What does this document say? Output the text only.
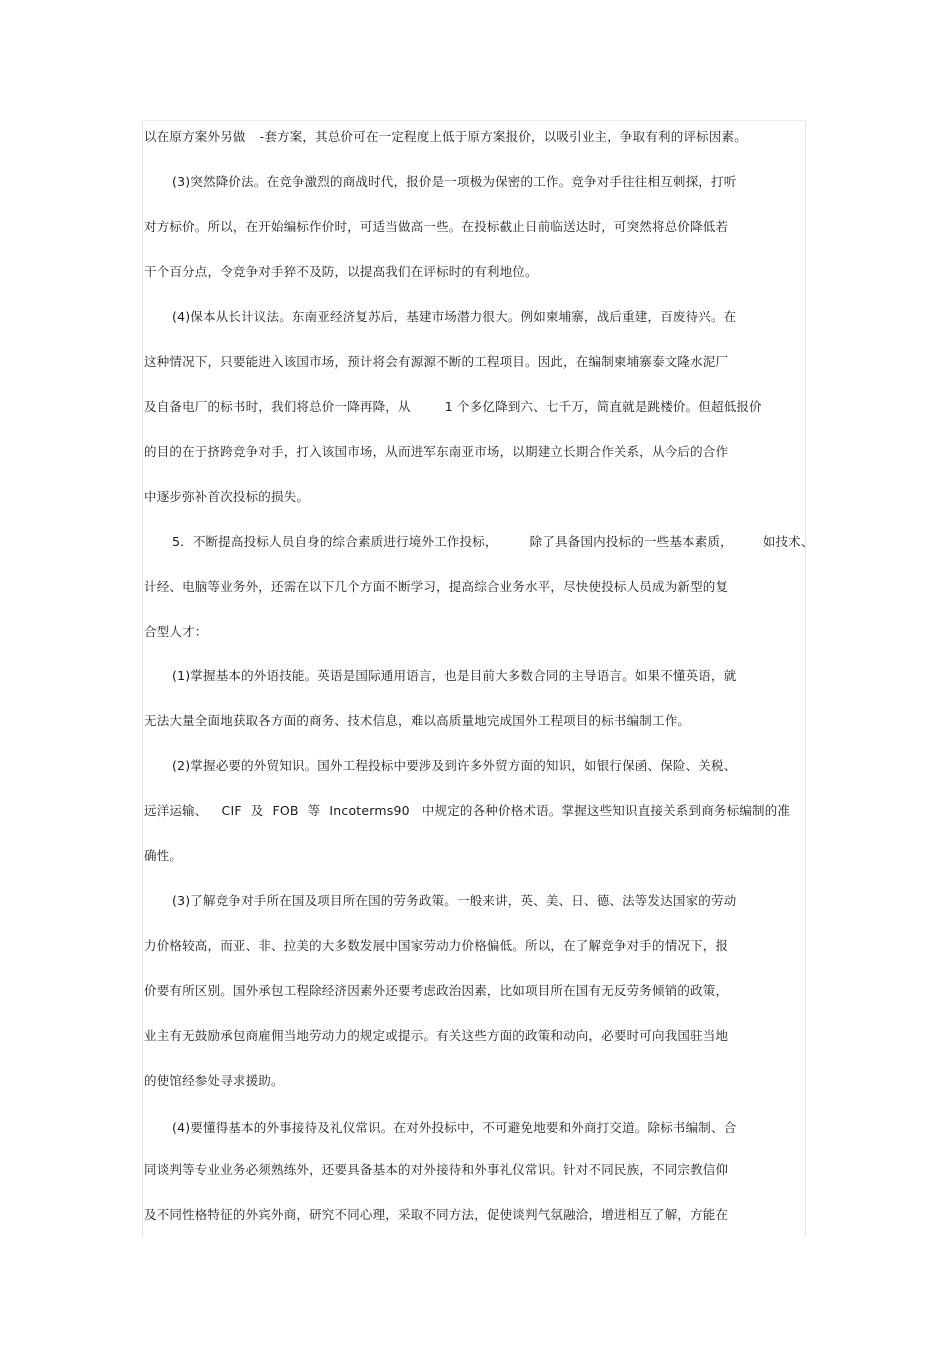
以在原方案外另做 -套方案，其总价可在一定程度上低于原方案报价，以吸引业主，争取有利的评标因素。
(3)突然降价法。在竞争激烈的商战时代，报价是一项极为保密的工作。竞争对手往往相互刺探，打听
对方标价。所以，在开始编标作价时，可适当做高一些。在投标截止日前临送达时，可突然将总价降低若
干个百分点，令竞争对手猝不及防，以提高我们在评标时的有利地位。
(4)保本从长计议法。东南亚经济复苏后，基建市场潜力很大。例如柬埔寨，战后重建，百废待兴。在
这种情况下，只要能进入该国市场，预计将会有源源不断的工程项目。因此，在编制柬埔寨泰文隆水泥厂
及自备电厂的标书时，我们将总价一降再降，从	1 个多亿降到六、七千万，简直就是跳楼价。但超低报价
的目的在于挤跨竞争对手，打入该国市场，从而进军东南亚市场，以期建立长期合作关系，从今后的合作
中逐步弥补首次投标的损失。
5．不断提高投标人员自身的综合素质进行境外工作投标，	除了具备国内投标的一些基本素质， 如技术、
计经、电脑等业务外，还需在以下几个方面不断学习，提高综合业务水平，尽快使投标人员成为新型的复
合型人才：
(1)掌握基本的外语技能。英语是国际通用语言，也是目前大多数合同的主导语言。如果不懂英语，就
无法大量全面地获取各方面的商务、技术信息，难以高质量地完成国外工程项目的标书编制工作。
(2)掌握必要的外贸知识。国外工程投标中要涉及到许多外贸方面的知识，如银行保函、保险、关税、
远洋运输、 CIF 及 FOB 等 Incoterms90 中规定的各种价格术语。掌握这些知识直接关系到商务标编制的准
确性。
(3)了解竞争对手所在国及项目所在国的劳务政策。一般来讲，英、美、日、德、法等发达国家的劳动
力价格较高，而亚、非、拉美的大多数发展中国家劳动力价格偏低。所以，在了解竞争对手的情况下，报
价要有所区别。国外承包工程除经济因素外还要考虑政治因素，比如项目所在国有无反劳务倾销的政策，
业主有无鼓励承包商雇佣当地劳动力的规定或提示。有关这些方面的政策和动向，必要时可向我国驻当地
的使馆经参处寻求援助。
(4)要懂得基本的外事接待及礼仪常识。在对外投标中，不可避免地要和外商打交道。除标书编制、合
同谈判等专业业务必须熟练外，还要具备基本的对外接待和外事礼仪常识。针对不同民族，不同宗教信仰
及不同性格特征的外宾外商，研究不同心理，采取不同方法，促使谈判气氛融洽，增进相互了解，方能在
